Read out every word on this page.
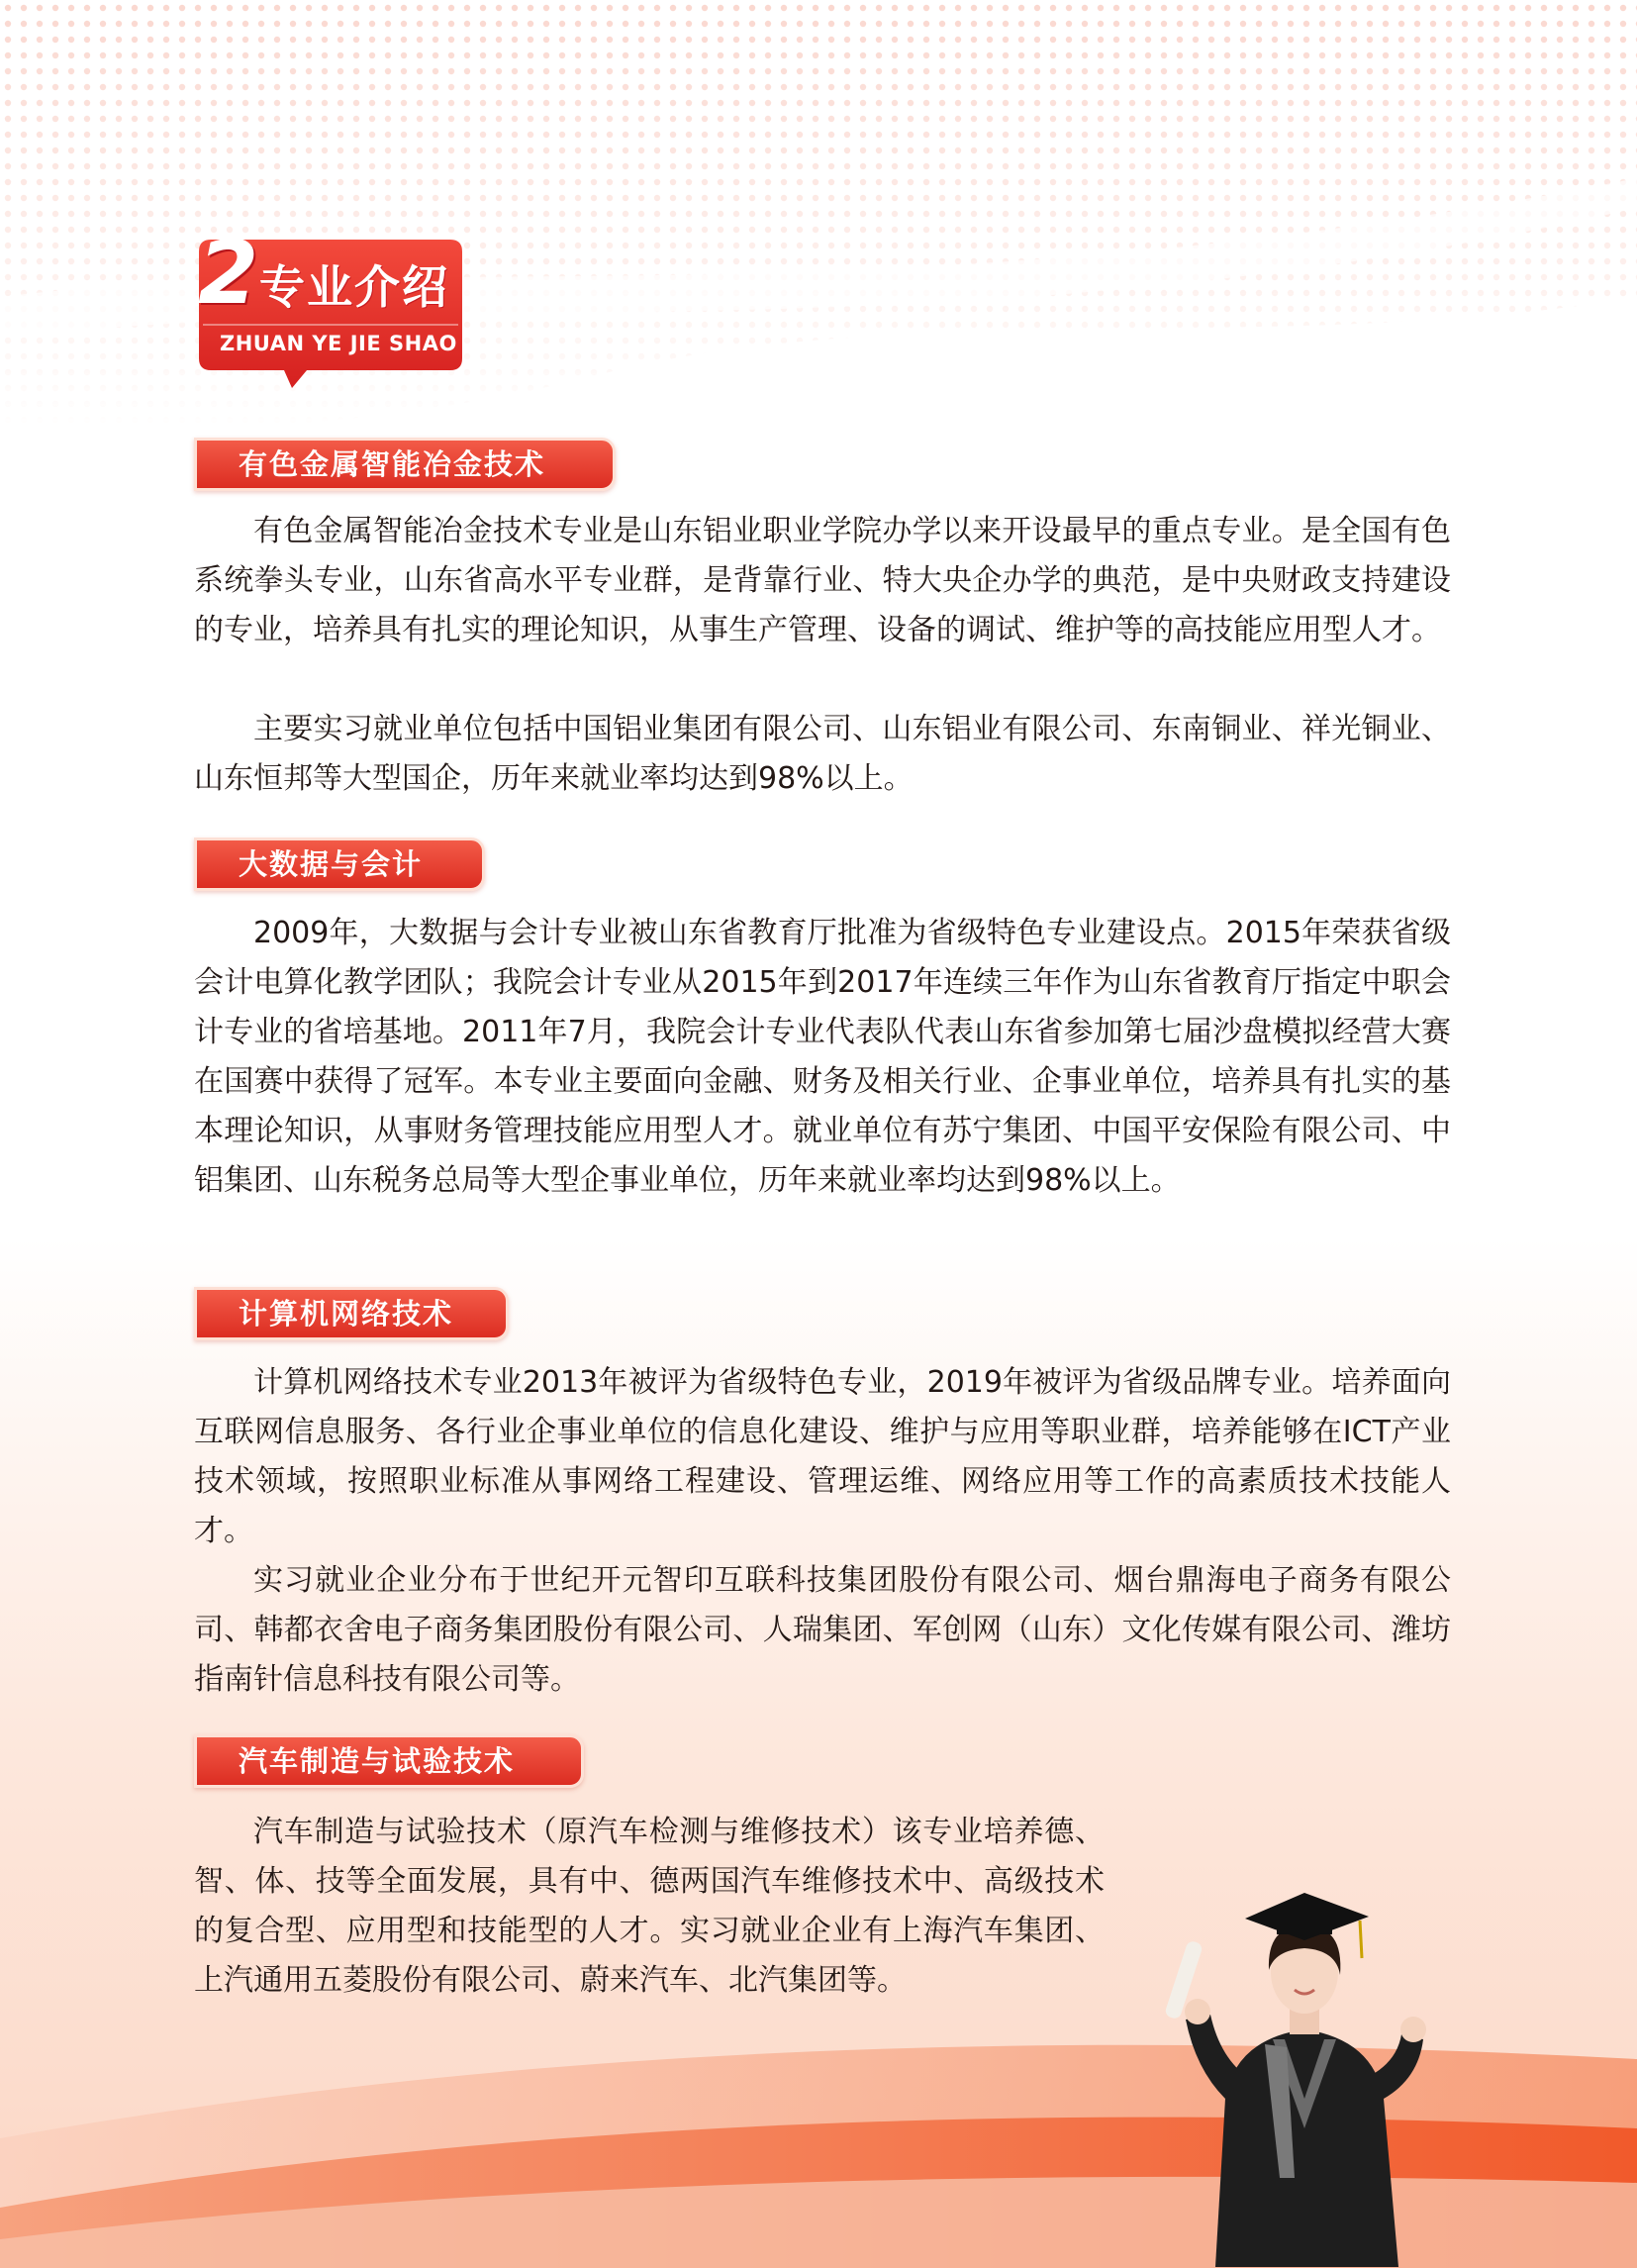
2 专业介绍
ZHUAN YE JIE SHAO
有色金属智能冶金技术

有色金属智能冶金技术专业是山东铝业职业学院办学以来开设最早的重点专业。是全国有色系统拳头专业，山东省高水平专业群，是背靠行业、特大央企办学的典范，是中央财政支持建设的专业，培养具有扎实的理论知识，从事生产管理、设备的调试、维护等的高技能应用型人才。

主要实习就业单位包括中国铝业集团有限公司、山东铝业有限公司、东南铜业、祥光铜业、山东恒邦等大型国企，历年来就业率均达到98%以上。

大数据与会计

2009年，大数据与会计专业被山东省教育厅批准为省级特色专业建设点。2015年荣获省级会计电算化教学团队；我院会计专业从2015年到2017年连续三年作为山东省教育厅指定中职会计专业的省培基地。2011年7月，我院会计专业代表队代表山东省参加第七届沙盘模拟经营大赛在国赛中获得了冠军。本专业主要面向金融、财务及相关行业、企事业单位，培养具有扎实的基本理论知识，从事财务管理技能应用型人才。就业单位有苏宁集团、中国平安保险有限公司、中铝集团、山东税务总局等大型企事业单位，历年来就业率均达到98%以上。

计算机网络技术

计算机网络技术专业2013年被评为省级特色专业，2019年被评为省级品牌专业。培养面向互联网信息服务、各行业企事业单位的信息化建设、维护与应用等职业群，培养能够在ICT产业技术领域，按照职业标准从事网络工程建设、管理运维、网络应用等工作的高素质技术技能人才。

实习就业企业分布于世纪开元智印互联科技集团股份有限公司、烟台鼎海电子商务有限公司、韩都衣舍电子商务集团股份有限公司、人瑞集团、军创网（山东）文化传媒有限公司、潍坊指南针信息科技有限公司等。

汽车制造与试验技术

汽车制造与试验技术（原汽车检测与维修技术）该专业培养德、智、体、技等全面发展，具有中、德两国汽车维修技术中、高级技术的复合型、应用型和技能型的人才。实习就业企业有上海汽车集团、上汽通用五菱股份有限公司、蔚来汽车、北汽集团等。
